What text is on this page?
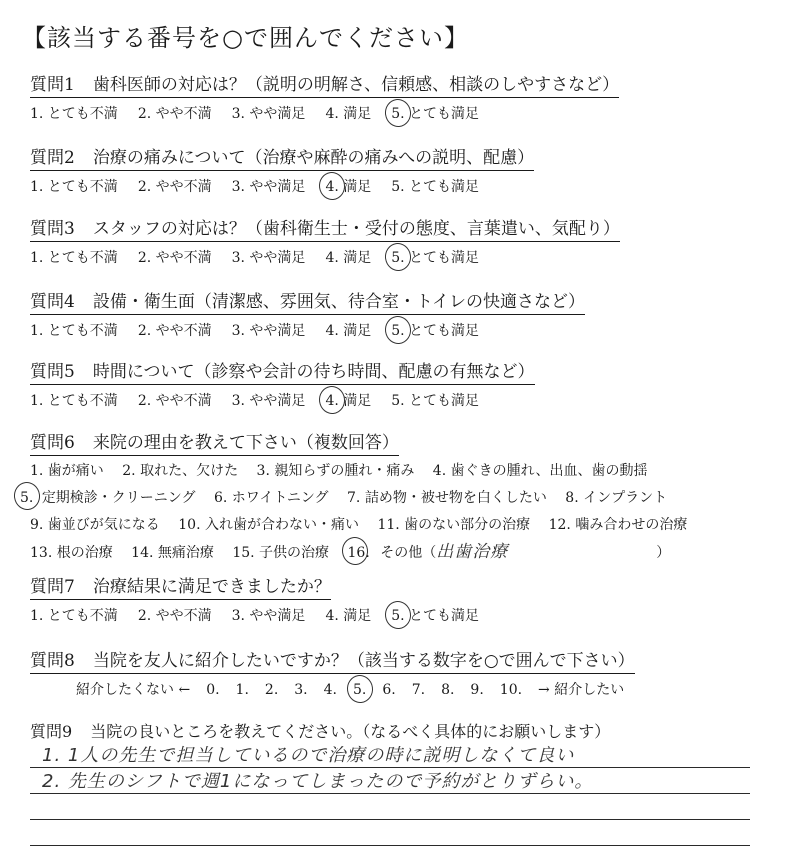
【該当する番号を○で囲んでください】
質問1 歯科医師の対応は？（説明の明解さ、信頼感、相談のしやすさなど）
1. とても不満 2. やや不満 3. やや満足 4. 満足 5. とても満足
質問2 治療の痛みについて（治療や麻酔の痛みへの説明、配慮）
1. とても不満 2. やや不満 3. やや満足 4. 満足 5. とても満足
質問3 スタッフの対応は？（歯科衛生士・受付の態度、言葉遣い、気配り）
1. とても不満 2. やや不満 3. やや満足 4. 満足 5. とても満足
質問4 設備・衛生面（清潔感、雰囲気、待合室・トイレの快適さなど）
1. とても不満 2. やや不満 3. やや満足 4. 満足 5. とても満足
質問5 時間について（診察や会計の待ち時間、配慮の有無など）
1. とても不満 2. やや不満 3. やや満足 4. 満足 5. とても満足
質問6 来院の理由を教えて下さい（複数回答）
1. 歯が痛い 2. 取れた、欠けた 3. 親知らずの腫れ・痛み 4. 歯ぐきの腫れ、出血、歯の動揺
5. 定期検診・クリーニング 6. ホワイトニング 7. 詰め物・被せ物を白くしたい 8. インプラント
9. 歯並びが気になる 10. 入れ歯が合わない・痛い 11. 歯のない部分の治療 12. 噛み合わせの治療
13. 根の治療 14. 無痛治療 15. 子供の治療 16. その他（出歯治療	）
質問7 治療結果に満足できましたか？
1. とても不満 2. やや不満 3. やや満足 4. 満足 5. とても満足
質問8 当院を友人に紹介したいですか？（該当する数字を○で囲んで下さい）
紹介したくない ← 0. 1. 2. 3. 4. 5. 6. 7. 8. 9. 10. → 紹介したい
質問9 当院の良いところを教えてください。（なるべく具体的にお願いします）
1. 1人の先生で担当しているので治療の時に説明しなくて良い
2. 先生のシフトで週1になってしまったので予約がとりずらい。
